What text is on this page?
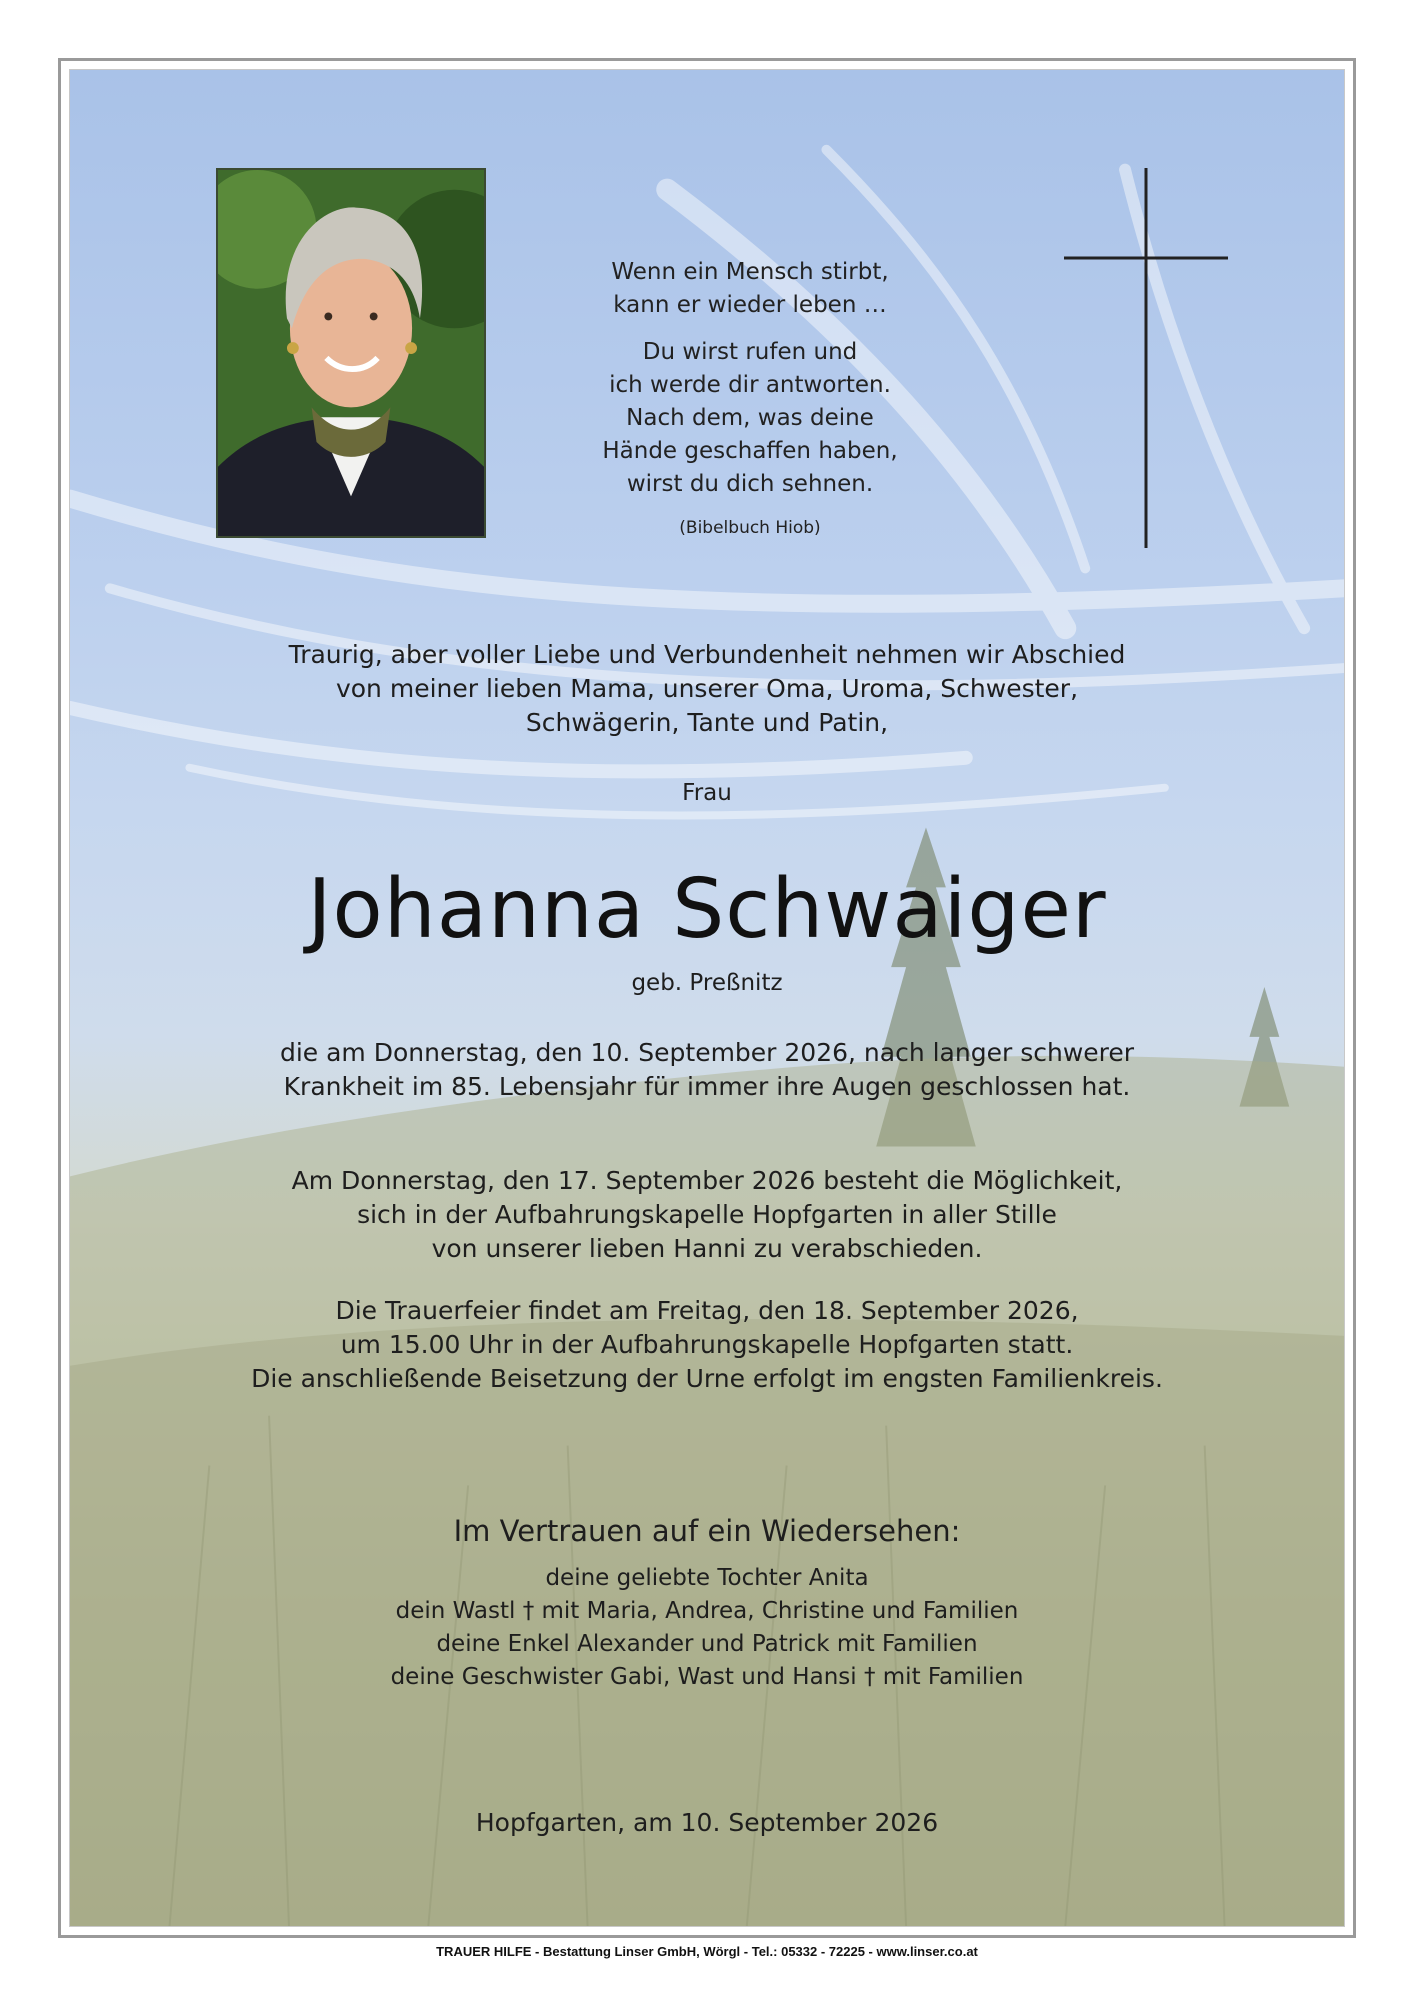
Wenn ein Mensch stirbt,
kann er wieder leben …

Du wirst rufen und
ich werde dir antworten.
Nach dem, was deine
Hände geschaffen haben,
wirst du dich sehnen.

(Bibelbuch Hiob)
Traurig, aber voller Liebe und Verbundenheit nehmen wir Abschied
von meiner lieben Mama, unserer Oma, Uroma, Schwester,
Schwägerin, Tante und Patin,
Frau
Johanna Schwaiger
geb. Preßnitz
die am Donnerstag, den 10. September 2026, nach langer schwerer
Krankheit im 85. Lebensjahr für immer ihre Augen geschlossen hat.
Am Donnerstag, den 17. September 2026 besteht die Möglichkeit,
sich in der Aufbahrungskapelle Hopfgarten in aller Stille
von unserer lieben Hanni zu verabschieden.
Die Trauerfeier findet am Freitag, den 18. September 2026,
um 15.00 Uhr in der Aufbahrungskapelle Hopfgarten statt.
Die anschließende Beisetzung der Urne erfolgt im engsten Familienkreis.
Im Vertrauen auf ein Wiedersehen:
deine geliebte Tochter Anita
dein Wastl † mit Maria, Andrea, Christine und Familien
deine Enkel Alexander und Patrick mit Familien
deine Geschwister Gabi, Wast und Hansi † mit Familien
Hopfgarten, am 10. September 2026
TRAUER HILFE - Bestattung Linser GmbH, Wörgl - Tel.: 05332 - 72225 - www.linser.co.at
